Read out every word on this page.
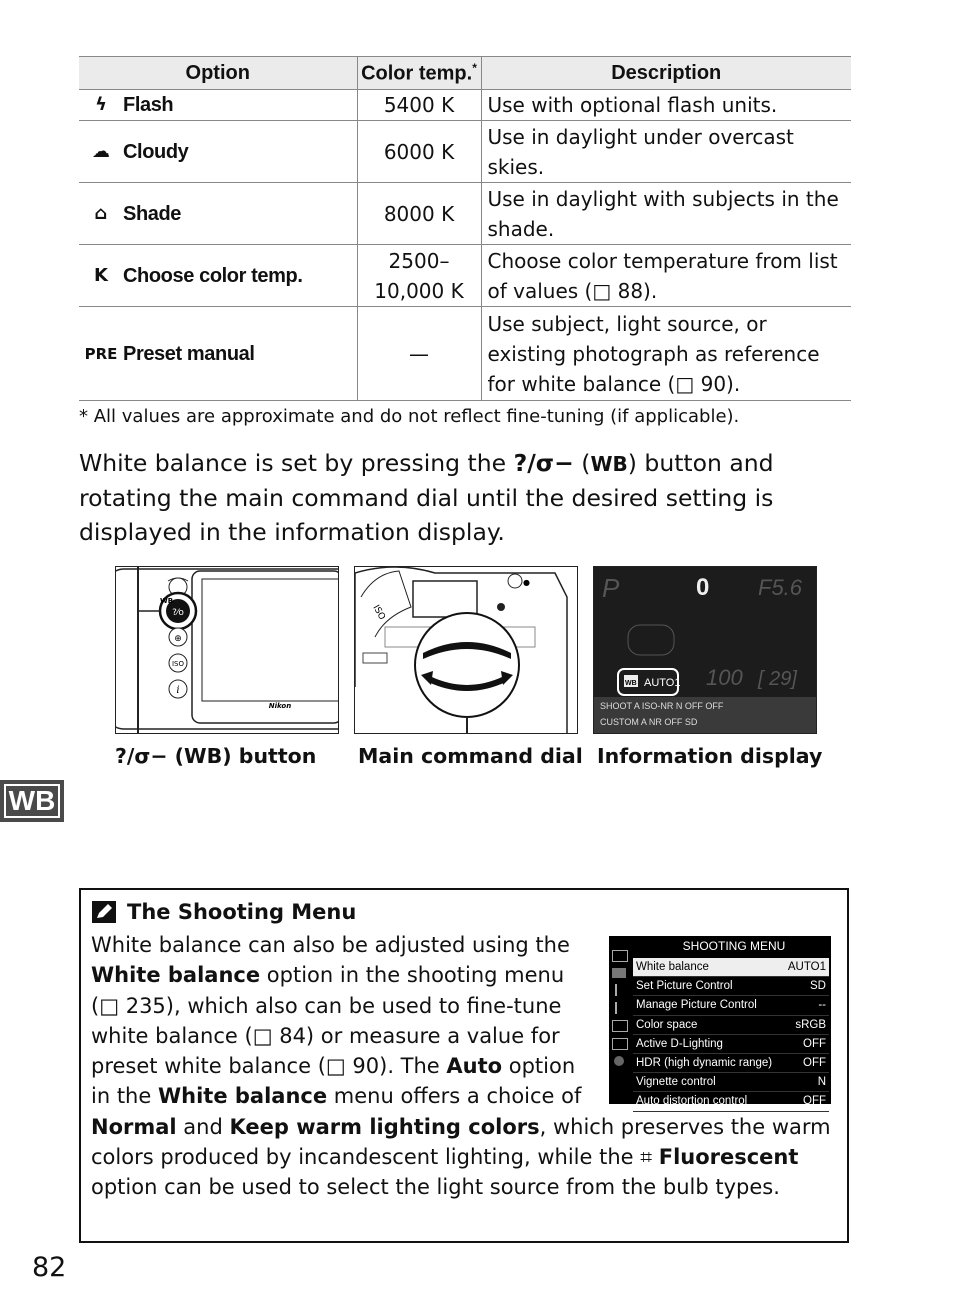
Option	Color temp.*	Description

ϟ Flash	5400 K	Use with optional flash units.

☁ Cloudy	6000 K	Use in daylight under overcast skies.

⌂ Shade	8000 K	Use in daylight with subjects in the shade.

K Choose color temp.	2500– 10,000 K	Choose color temperature from list of values (□ 88).

PRE Preset manual	—	Use subject, light source, or existing photograph as reference for white balance (□ 90).
* All values are approximate and do not reflect fine-tuning (if applicable).
White balance is set by pressing the ?∕σ− (WB) button and rotating the main command dial until the desired setting is displayed in the information display.
?⁄o
WB
⊕
ISO
i
Nikon
ISO
●	P	0 F5.6
100 [ 29]
WB AUTO1
SHOOT A ISO-NR N OFF OFF
CUSTOM A NR OFF SD
?∕σ− (WB) button Main command dial Information display
WB
The Shooting Menu
SHOOTING MENU
White balance	AUTO1
Set Picture Control	SD
Manage Picture Control	--
Color space	sRGB
Active D-Lighting	OFF
HDR (high dynamic range)	OFF
Vignette control	N
Auto distortion control	OFF
White balance can also be adjusted using the White balance option in the shooting menu (□ 235), which also can be used to fine-tune white balance (□ 84) or measure a value for preset white balance (□ 90). The Auto option in the White balance menu offers a choice of Normal and Keep warm lighting colors, which preserves the warm colors produced by incandescent lighting, while the ⌗ Fluorescent option can be used to select the light source from the bulb types.
82
